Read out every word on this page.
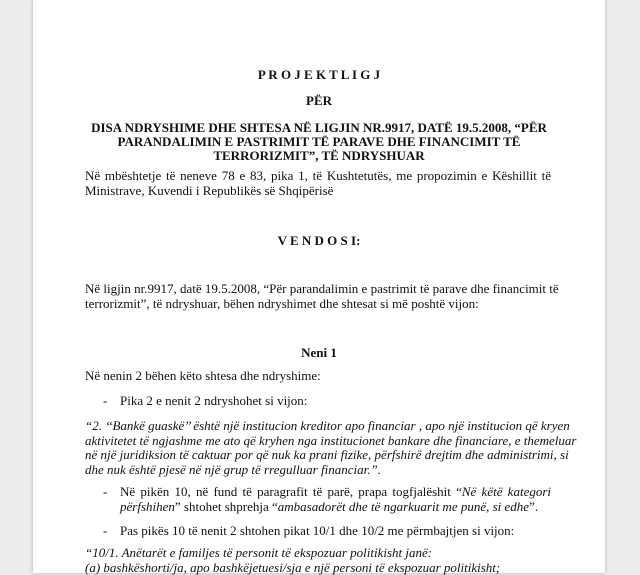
P R O J E K T L I G J
PËR
DISA NDRYSHIME DHE SHTESA NË LIGJIN NR.9917, DATË 19.5.2008, “PËR
PARANDALIMIN E PASTRIMIT TË PARAVE DHE FINANCIMIT TË
TERRORIZMIT”, TË NDRYSHUAR
Në mbështetje të neneve 78 e 83, pika 1, të Kushtetutës, me propozimin e Këshillit të
Ministrave, Kuvendi i Republikës së Shqipërisë
V E N D O S I:
Në ligjin nr.9917, datë 19.5.2008, “Për parandalimin e pastrimit të parave dhe financimit të
terrorizmit”, të ndryshuar, bëhen ndryshimet dhe shtesat si më poshtë vijon:
Neni 1
Në nenin 2 bëhen këto shtesa dhe ndryshime:
- Pika 2 e nenit 2 ndryshohet si vijon:
“2. ‘‘Bankë guaskë’’ është një institucion kreditor apo financiar , apo një institucion që kryen
aktivitetet të ngjashme me ato që kryhen nga institucionet bankare dhe financiare, e themeluar
në një juridiksion të caktuar por që nuk ka prani fizike, përfshirë drejtim dhe administrimi, si
dhe nuk është pjesë në një grup të rregulluar financiar.”.
- Në pikën 10, në fund të paragrafit të parë, prapa togfjalëshit “Në këtë kategori
përfshihen” shtohet shprehja “ambasadorët dhe të ngarkuarit me punë, si edhe”.
- Pas pikës 10 të nenit 2 shtohen pikat 10/1 dhe 10/2 me përmbajtjen si vijon:
“10/1. Anëtarët e familjes të personit të ekspozuar politikisht janë:
(a) bashkëshorti/ja, apo bashkëjetuesi/sja e një personi të ekspozuar politikisht;
